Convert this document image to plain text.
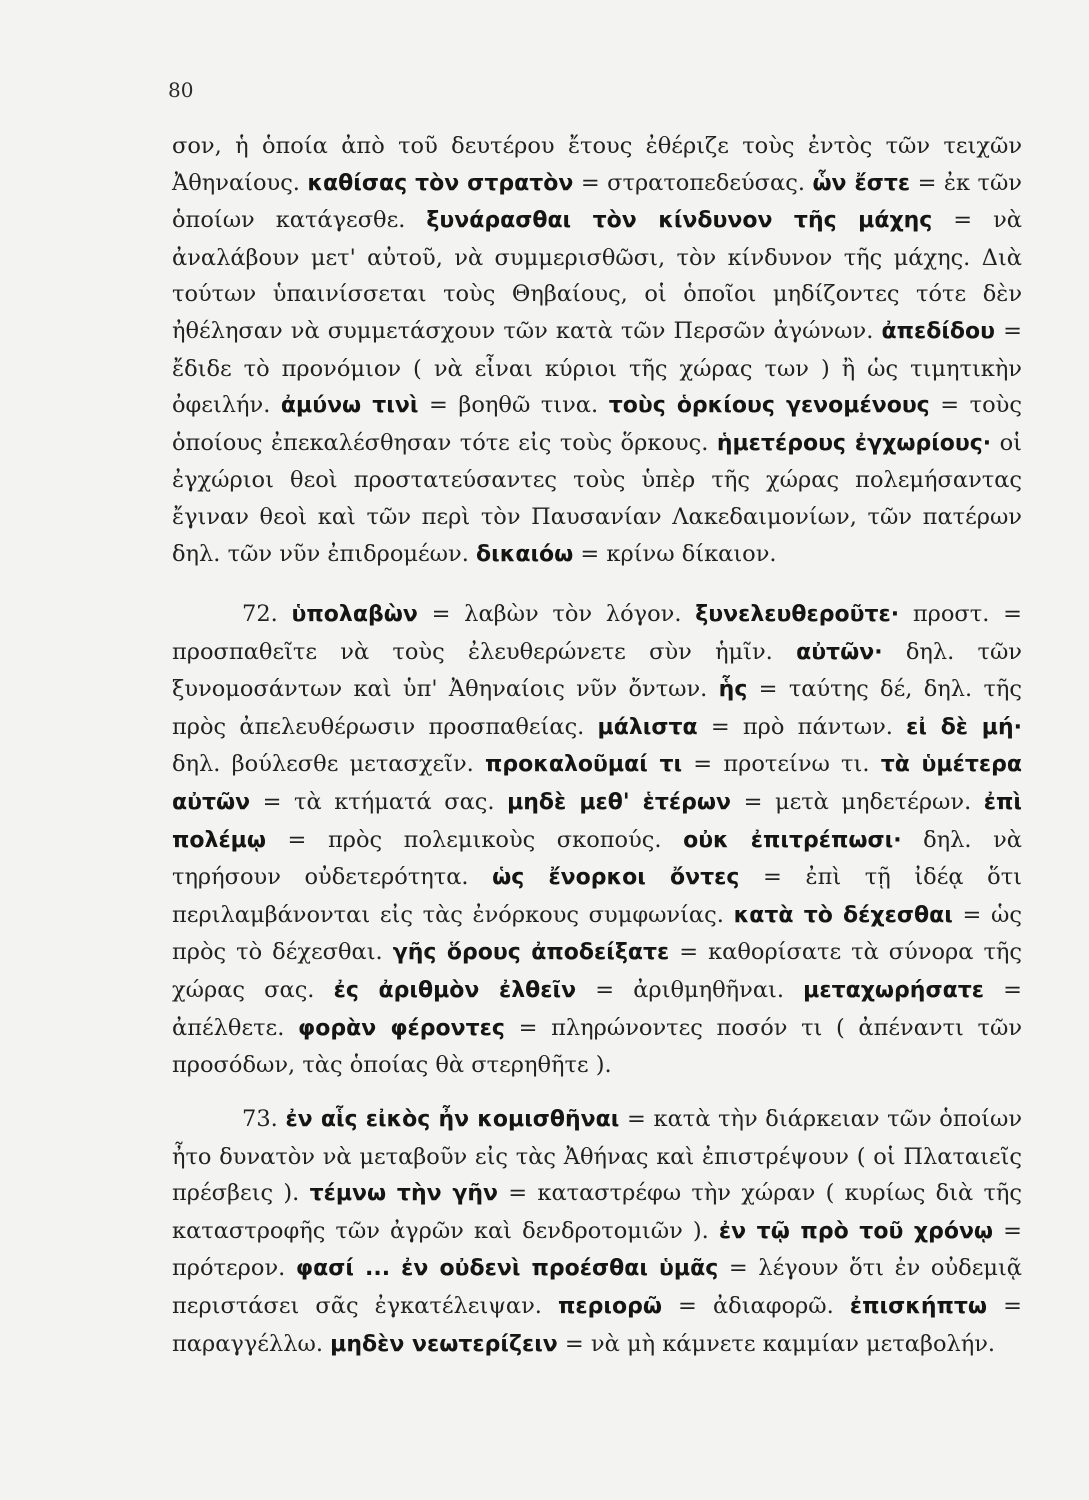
80

σον, ἡ ὁποία ἀπὸ τοῦ δευτέρου ἔτους ἐθέριζε τοὺς ἐντὸς τῶν τειχῶν Ἀθηναίους. καθίσας τὸν στρατὸν = στρατοπεδεύσας. ὧν ἔστε = ἐκ τῶν ὁποίων κατάγεσθε. ξυνάρασθαι τὸν κίνδυνον τῆς μάχης = νὰ ἀναλάβουν μετ' αὐτοῦ, νὰ συμμερισθῶσι, τὸν κίνδυνον τῆς μάχης. Διὰ τούτων ὑπαινίσσεται τοὺς Θηβαίους, οἱ ὁποῖοι μηδίζοντες τότε δὲν ἠθέλησαν νὰ συμμετάσχουν τῶν κατὰ τῶν Περσῶν ἀγώνων. ἀπεδίδου = ἔδιδε τὸ προνόμιον ( νὰ εἶναι κύριοι τῆς χώρας των ) ἢ ὡς τιμητικὴν ὀφειλήν. ἀμύνω τινὶ = βοηθῶ τινα. τοὺς ὁρκίους γενομένους = τοὺς ὁποίους ἐπεκαλέσθησαν τότε εἰς τοὺς ὅρκους. ἡμετέρους ἐγχωρίους· οἱ ἐγχώριοι θεοὶ προστατεύσαντες τοὺς ὑπὲρ τῆς χώρας πολεμήσαντας ἔγιναν θεοὶ καὶ τῶν περὶ τὸν Παυσανίαν Λακεδαιμονίων, τῶν πατέρων δηλ. τῶν νῦν ἐπιδρομέων. δικαιόω = κρίνω δίκαιον.

72. ὑπολαβὼν = λαβὼν τὸν λόγον. ξυνελευθεροῦτε· προστ. = προσπαθεῖτε νὰ τοὺς ἐλευθερώνετε σὺν ἡμῖν. αὐτῶν· δηλ. τῶν ξυνομοσάντων καὶ ὑπ' Ἀθηναίοις νῦν ὄντων. ἧς = ταύτης δέ, δηλ. τῆς πρὸς ἀπελευθέρωσιν προσπαθείας. μάλιστα = πρὸ πάντων. εἰ δὲ μή· δηλ. βούλεσθε μετασχεῖν. προκαλοῦμαί τι = προτείνω τι. τὰ ὑμέτερα αὐτῶν = τὰ κτήματά σας. μηδὲ μεθ' ἑτέρων = μετὰ μηδετέρων. ἐπὶ πολέμῳ = πρὸς πολεμικοὺς σκοπούς. οὐκ ἐπιτρέπωσι· δηλ. νὰ τηρήσουν οὐδετερότητα. ὡς ἔνορκοι ὄντες = ἐπὶ τῇ ἰδέᾳ ὅτι περιλαμβάνονται εἰς τὰς ἐνόρκους συμφωνίας. κατὰ τὸ δέχεσθαι = ὡς πρὸς τὸ δέχεσθαι. γῆς ὅρους ἀποδείξατε = καθορίσατε τὰ σύνορα τῆς χώρας σας. ἐς ἀριθμὸν ἐλθεῖν = ἀριθμηθῆναι. μεταχωρήσατε = ἀπέλθετε. φορὰν φέροντες = πληρώνοντες ποσόν τι ( ἀπέναντι τῶν προσόδων, τὰς ὁποίας θὰ στερηθῆτε ).

73. ἐν αἷς εἰκὸς ἦν κομισθῆναι = κατὰ τὴν διάρκειαν τῶν ὁποίων ἦτο δυνατὸν νὰ μεταβοῦν εἰς τὰς Ἀθήνας καὶ ἐπιστρέψουν ( οἱ Πλαταιεῖς πρέσβεις ). τέμνω τὴν γῆν = καταστρέφω τὴν χώραν ( κυρίως διὰ τῆς καταστροφῆς τῶν ἀγρῶν καὶ δενδροτομιῶν ). ἐν τῷ πρὸ τοῦ χρόνῳ = πρότερον. φασί ... ἐν οὐδενὶ προέσθαι ὑμᾶς = λέγουν ὅτι ἐν οὐδεμιᾷ περιστάσει σᾶς ἐγκατέλειψαν. περιορῶ = ἀδιαφορῶ. ἐπισκήπτω = παραγγέλλω. μηδὲν νεωτερίζειν = νὰ μὴ κάμνετε καμμίαν μεταβολήν.
